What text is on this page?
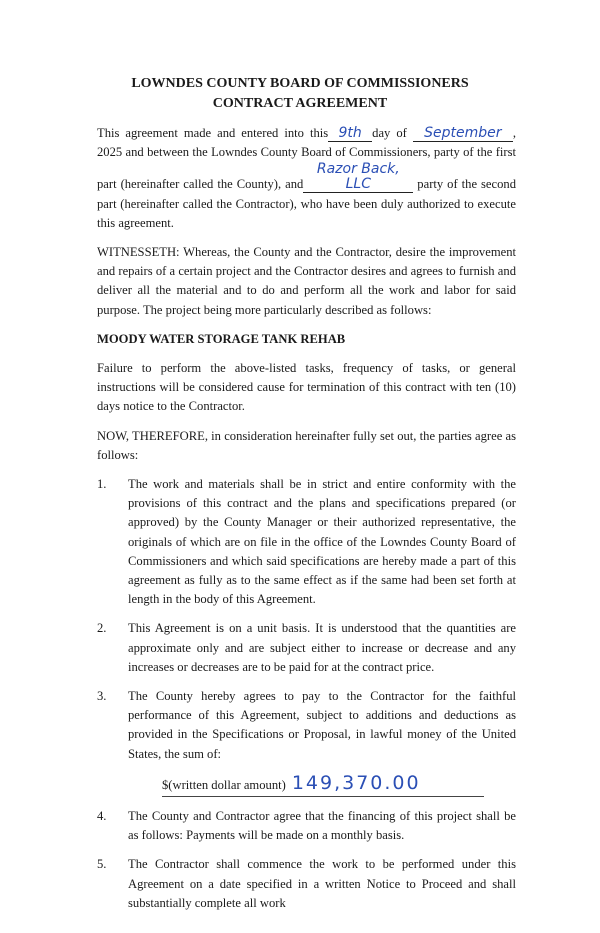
LOWNDES COUNTY BOARD OF COMMISSIONERS
CONTRACT AGREEMENT
This agreement made and entered into this 9th day of September , 2025 and between the Lowndes County Board of Commissioners, party of the first part (hereinafter called the County), andRazor Back, LLC	party of the second part (hereinafter called the Contractor), who have been duly authorized to execute this agreement.
WITNESSETH: Whereas, the County and the Contractor, desire the improvement and repairs of a certain project and the Contractor desires and agrees to furnish and deliver all the material and to do and perform all the work and labor for said purpose. The project being more particularly described as follows:
MOODY WATER STORAGE TANK REHAB
Failure to perform the above-listed tasks, frequency of tasks, or general instructions will be considered cause for termination of this contract with ten (10) days notice to the Contractor.
NOW, THEREFORE, in consideration hereinafter fully set out, the parties agree as follows:
1. The work and materials shall be in strict and entire conformity with the provisions of this contract and the plans and specifications prepared (or approved) by the County Manager or their authorized representative, the originals of which are on file in the office of the Lowndes County Board of Commissioners and which said specifications are hereby made a part of this agreement as fully as to the same effect as if the same had been set forth at length in the body of this Agreement.
2. This Agreement is on a unit basis. It is understood that the quantities are approximate only and are subject either to increase or decrease and any increases or decreases are to be paid for at the contract price.
3. The County hereby agrees to pay to the Contractor for the faithful performance of this Agreement, subject to additions and deductions as provided in the Specifications or Proposal, in lawful money of the United States, the sum of:
$(written dollar amount) 149,370.00
4. The County and Contractor agree that the financing of this project shall be as follows: Payments will be made on a monthly basis.
5. The Contractor shall commence the work to be performed under this Agreement on a date specified in a written Notice to Proceed and shall substantially complete all work
